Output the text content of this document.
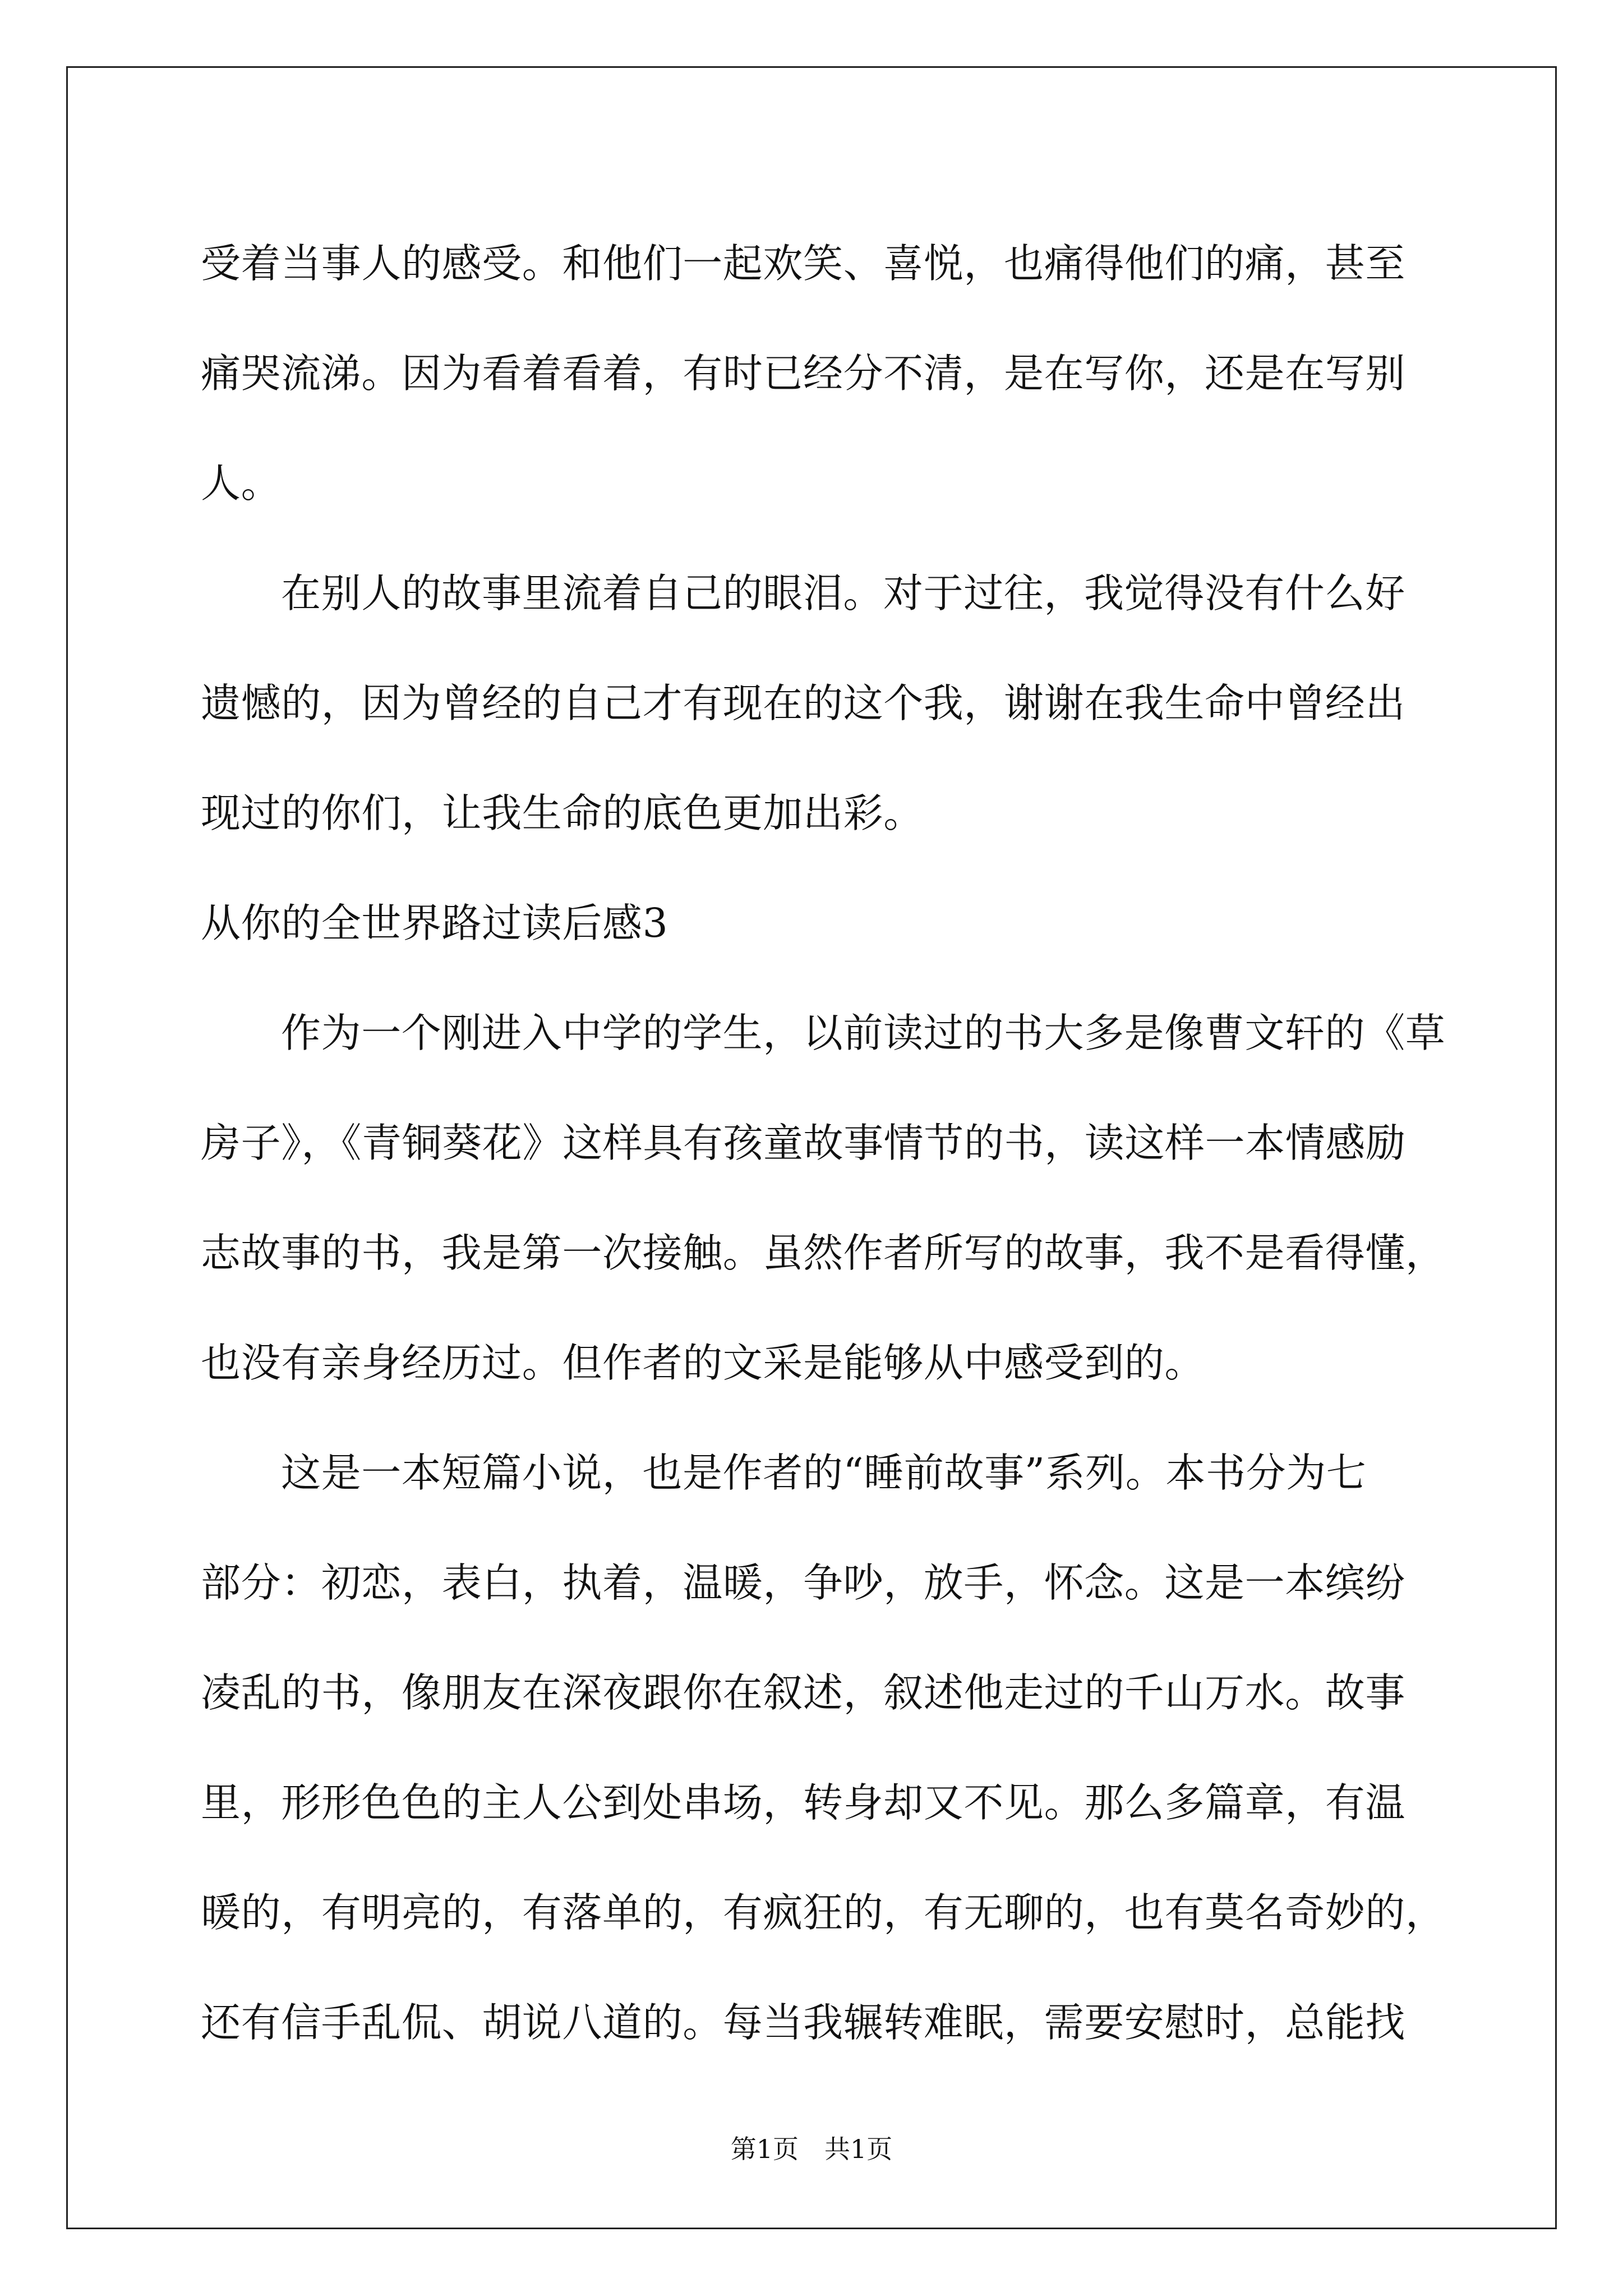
受着当事人的感受。和他们一起欢笑、喜悦，也痛得他们的痛，甚至
痛哭流涕。因为看着看着，有时已经分不清，是在写你，还是在写别
人。
在别人的故事里流着自己的眼泪。对于过往，我觉得没有什么好
遗憾的，因为曾经的自己才有现在的这个我，谢谢在我生命中曾经出
现过的你们，让我生命的底色更加出彩。
从你的全世界路过读后感3
作为一个刚进入中学的学生，以前读过的书大多是像曹文轩的《草
房子》，《青铜葵花》这样具有孩童故事情节的书，读这样一本情感励
志故事的书，我是第一次接触。虽然作者所写的故事，我不是看得懂，
也没有亲身经历过。但作者的文采是能够从中感受到的。
这是一本短篇小说，也是作者的“睡前故事”系列。本书分为七
部分：初恋，表白，执着，温暖，争吵，放手，怀念。这是一本缤纷
凌乱的书，像朋友在深夜跟你在叙述，叙述他走过的千山万水。故事
里，形形色色的主人公到处串场，转身却又不见。那么多篇章，有温
暖的，有明亮的，有落单的，有疯狂的，有无聊的，也有莫名奇妙的，
还有信手乱侃、胡说八道的。每当我辗转难眠，需要安慰时，总能找
第1页　共1页
